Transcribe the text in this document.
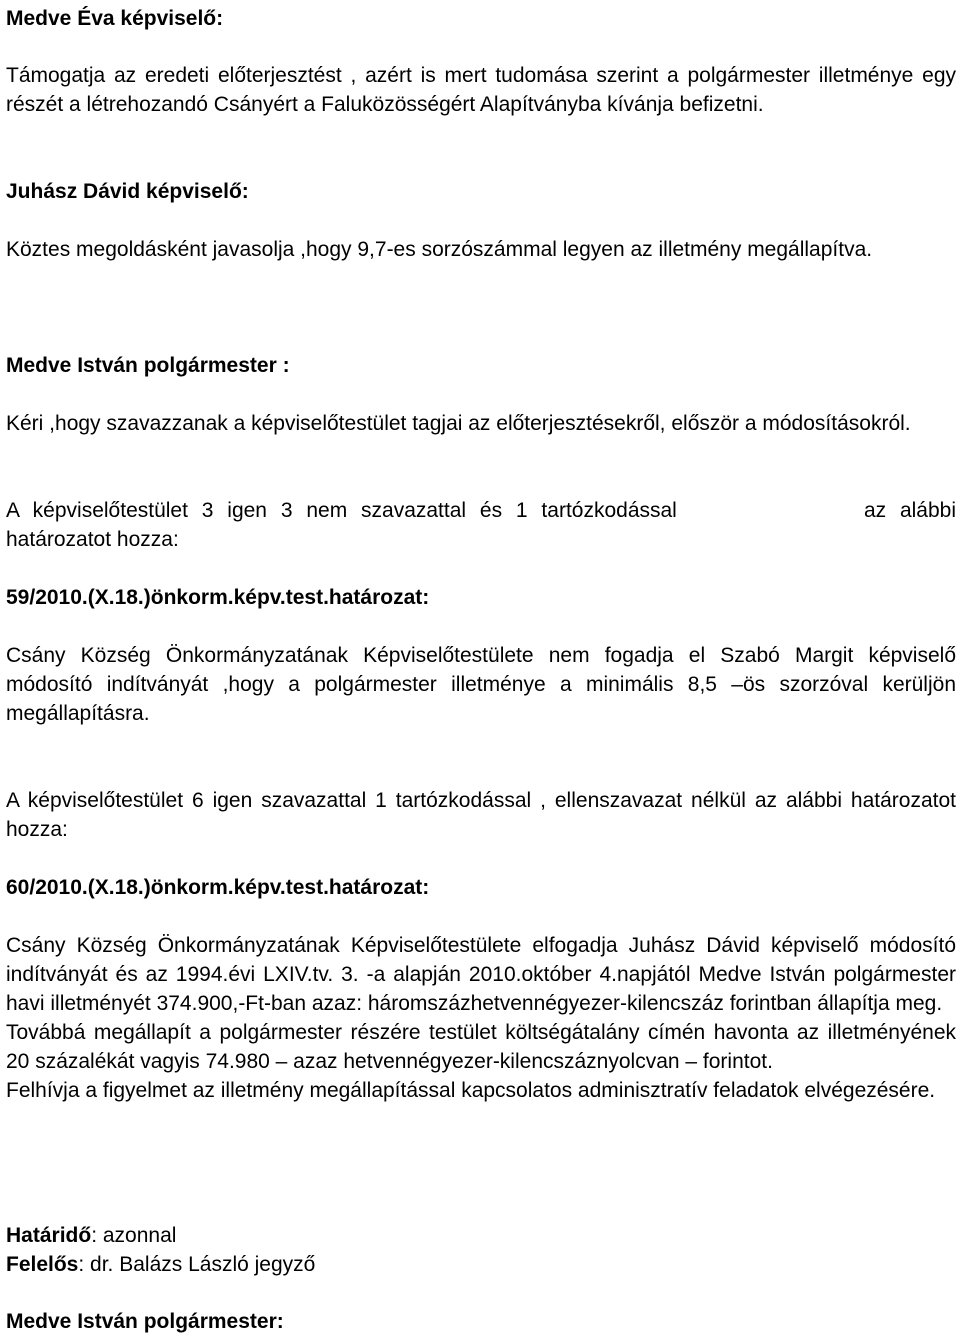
Medve Éva képviselő:

Támogatja az eredeti előterjesztést , azért is mert tudomása szerint a polgármester illetménye egy részét a létrehozandó Csányért a Faluközösségért Alapítványba kívánja befizetni.

Juhász Dávid képviselő:

Köztes megoldásként javasolja ,hogy 9,7-es sorzószámmal legyen az illetmény megállapítva.

Medve István polgármester :

Kéri ,hogy szavazzanak a képviselőtestület tagjai az előterjesztésekről, először a módosításokról.

A képviselőtestület 3 igen 3 nem szavazattal és 1 tartózkodással	az alábbi
határozatot hozza:

59/2010.(X.18.)önkorm.képv.test.határozat:

Csány Község Önkormányzatának Képviselőtestülete nem fogadja el Szabó Margit képviselő módosító indítványát ,hogy a polgármester illetménye a minimális 8,5 –ös szorzóval kerüljön megállapításra.

A képviselőtestület 6 igen szavazattal 1 tartózkodással , ellenszavazat nélkül az alábbi határozatot hozza:

60/2010.(X.18.)önkorm.képv.test.határozat:

Csány Község Önkormányzatának Képviselőtestülete elfogadja Juhász Dávid képviselő módosító indítványát és az 1994.évi LXIV.tv. 3. -a alapján 2010.október 4.napjától Medve István polgármester havi illetményét 374.900,-Ft-ban azaz: háromszázhetvennégyezer-kilencszáz forintban állapítja meg.

Továbbá megállapít a polgármester részére testület költségátalány címén havonta az illetményének 20 százalékát vagyis 74.980 – azaz hetvennégyezer-kilencszáznyolcvan – forintot.

Felhívja a figyelmet az illetmény megállapítással kapcsolatos adminisztratív feladatok elvégezésére.

Határidő: azonnal

Felelős: dr. Balázs László jegyző

Medve István polgármester:
